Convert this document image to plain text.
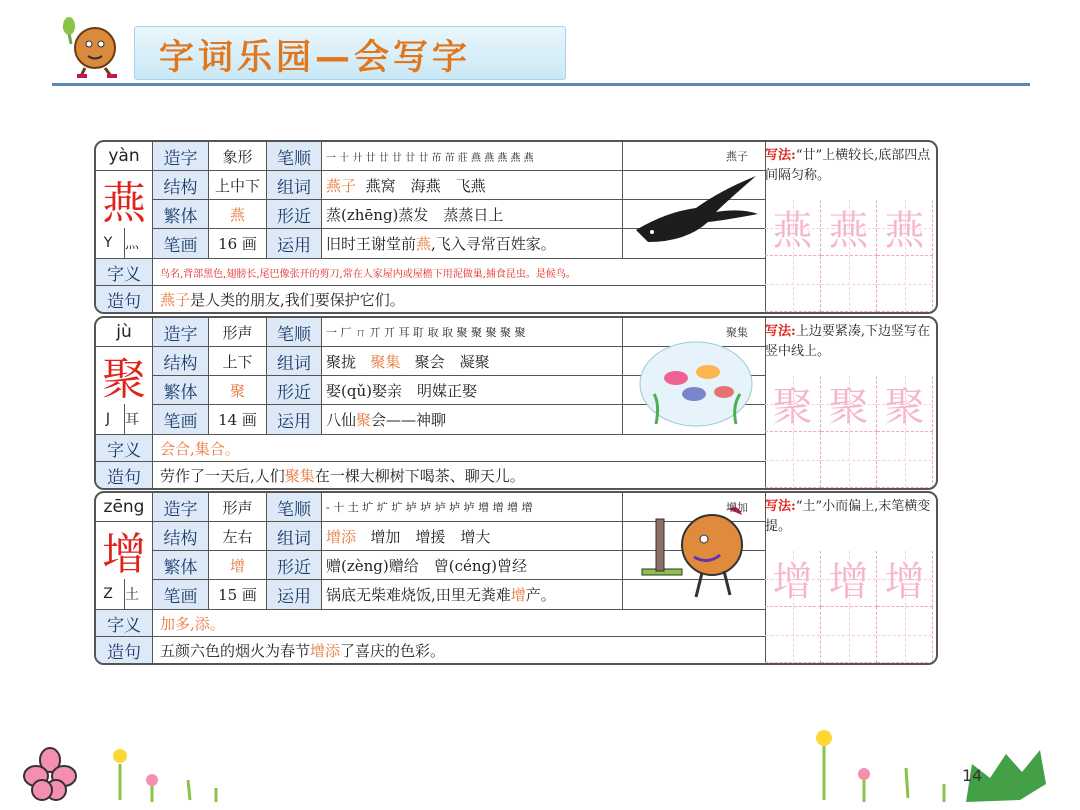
字词乐园—会写字
yàn
燕
Y 灬
造字	象形	笔顺	一 十 廾 廿 廿 廿 廿 廿 芇 芇 莊 燕 燕 燕 燕 燕
结构	上中下	组词	燕子
燕窝　海燕　飞燕
繁体	燕	形近	蒸(zhēng)蒸发　蒸蒸日上
笔画	16 画	运用	旧时王谢堂前 燕 ,飞入寻常百姓家。
字义	鸟名,背部黑色,翅膀长,尾巴像张开的剪刀,常在人家屋内或屋檐下用泥做巢,捕食昆虫。是候鸟。
造句	燕子 是人类的朋友,我们要保护它们。
燕子 写法:“廿”上横较长,底部四点间隔匀称。
燕 燕 燕
jù
聚
J	耳
造字	形声	笔顺	一 厂 ㄇ 丌 丌 耳 耵 取 取 聚 聚 聚 聚 聚
结构	上下	组词	聚拢
聚集
聚会　凝聚
繁体	聚	形近	娶(qǔ)娶亲　明媒正娶
笔画	14 画	运用	八仙 聚 会——神聊
字义	会合,集合。
造句	劳作了一天后,人们 聚集 在一棵大柳树下喝茶、聊天儿。
聚集 写法:上边要紧凑,下边竖写在竖中线上。
聚 聚 聚
zēng
增
Z 土
造字	形声	笔顺	- 十 土 圹 圹 圹 垆 垆 垆 垆 垆 增 增 增 增
结构	左右	组词	增添
增加　增援　增大
繁体	增	形近	赠(zèng)赠给　曾(céng)曾经
笔画	15 画	运用	锅底无柴难烧饭,田里无粪难 增 产。
字义	加多,添。
造句	五颜六色的烟火为春节 增添 了喜庆的色彩。
增加 写法:“土”小而偏上,末笔横变提。
增 增 增
14
